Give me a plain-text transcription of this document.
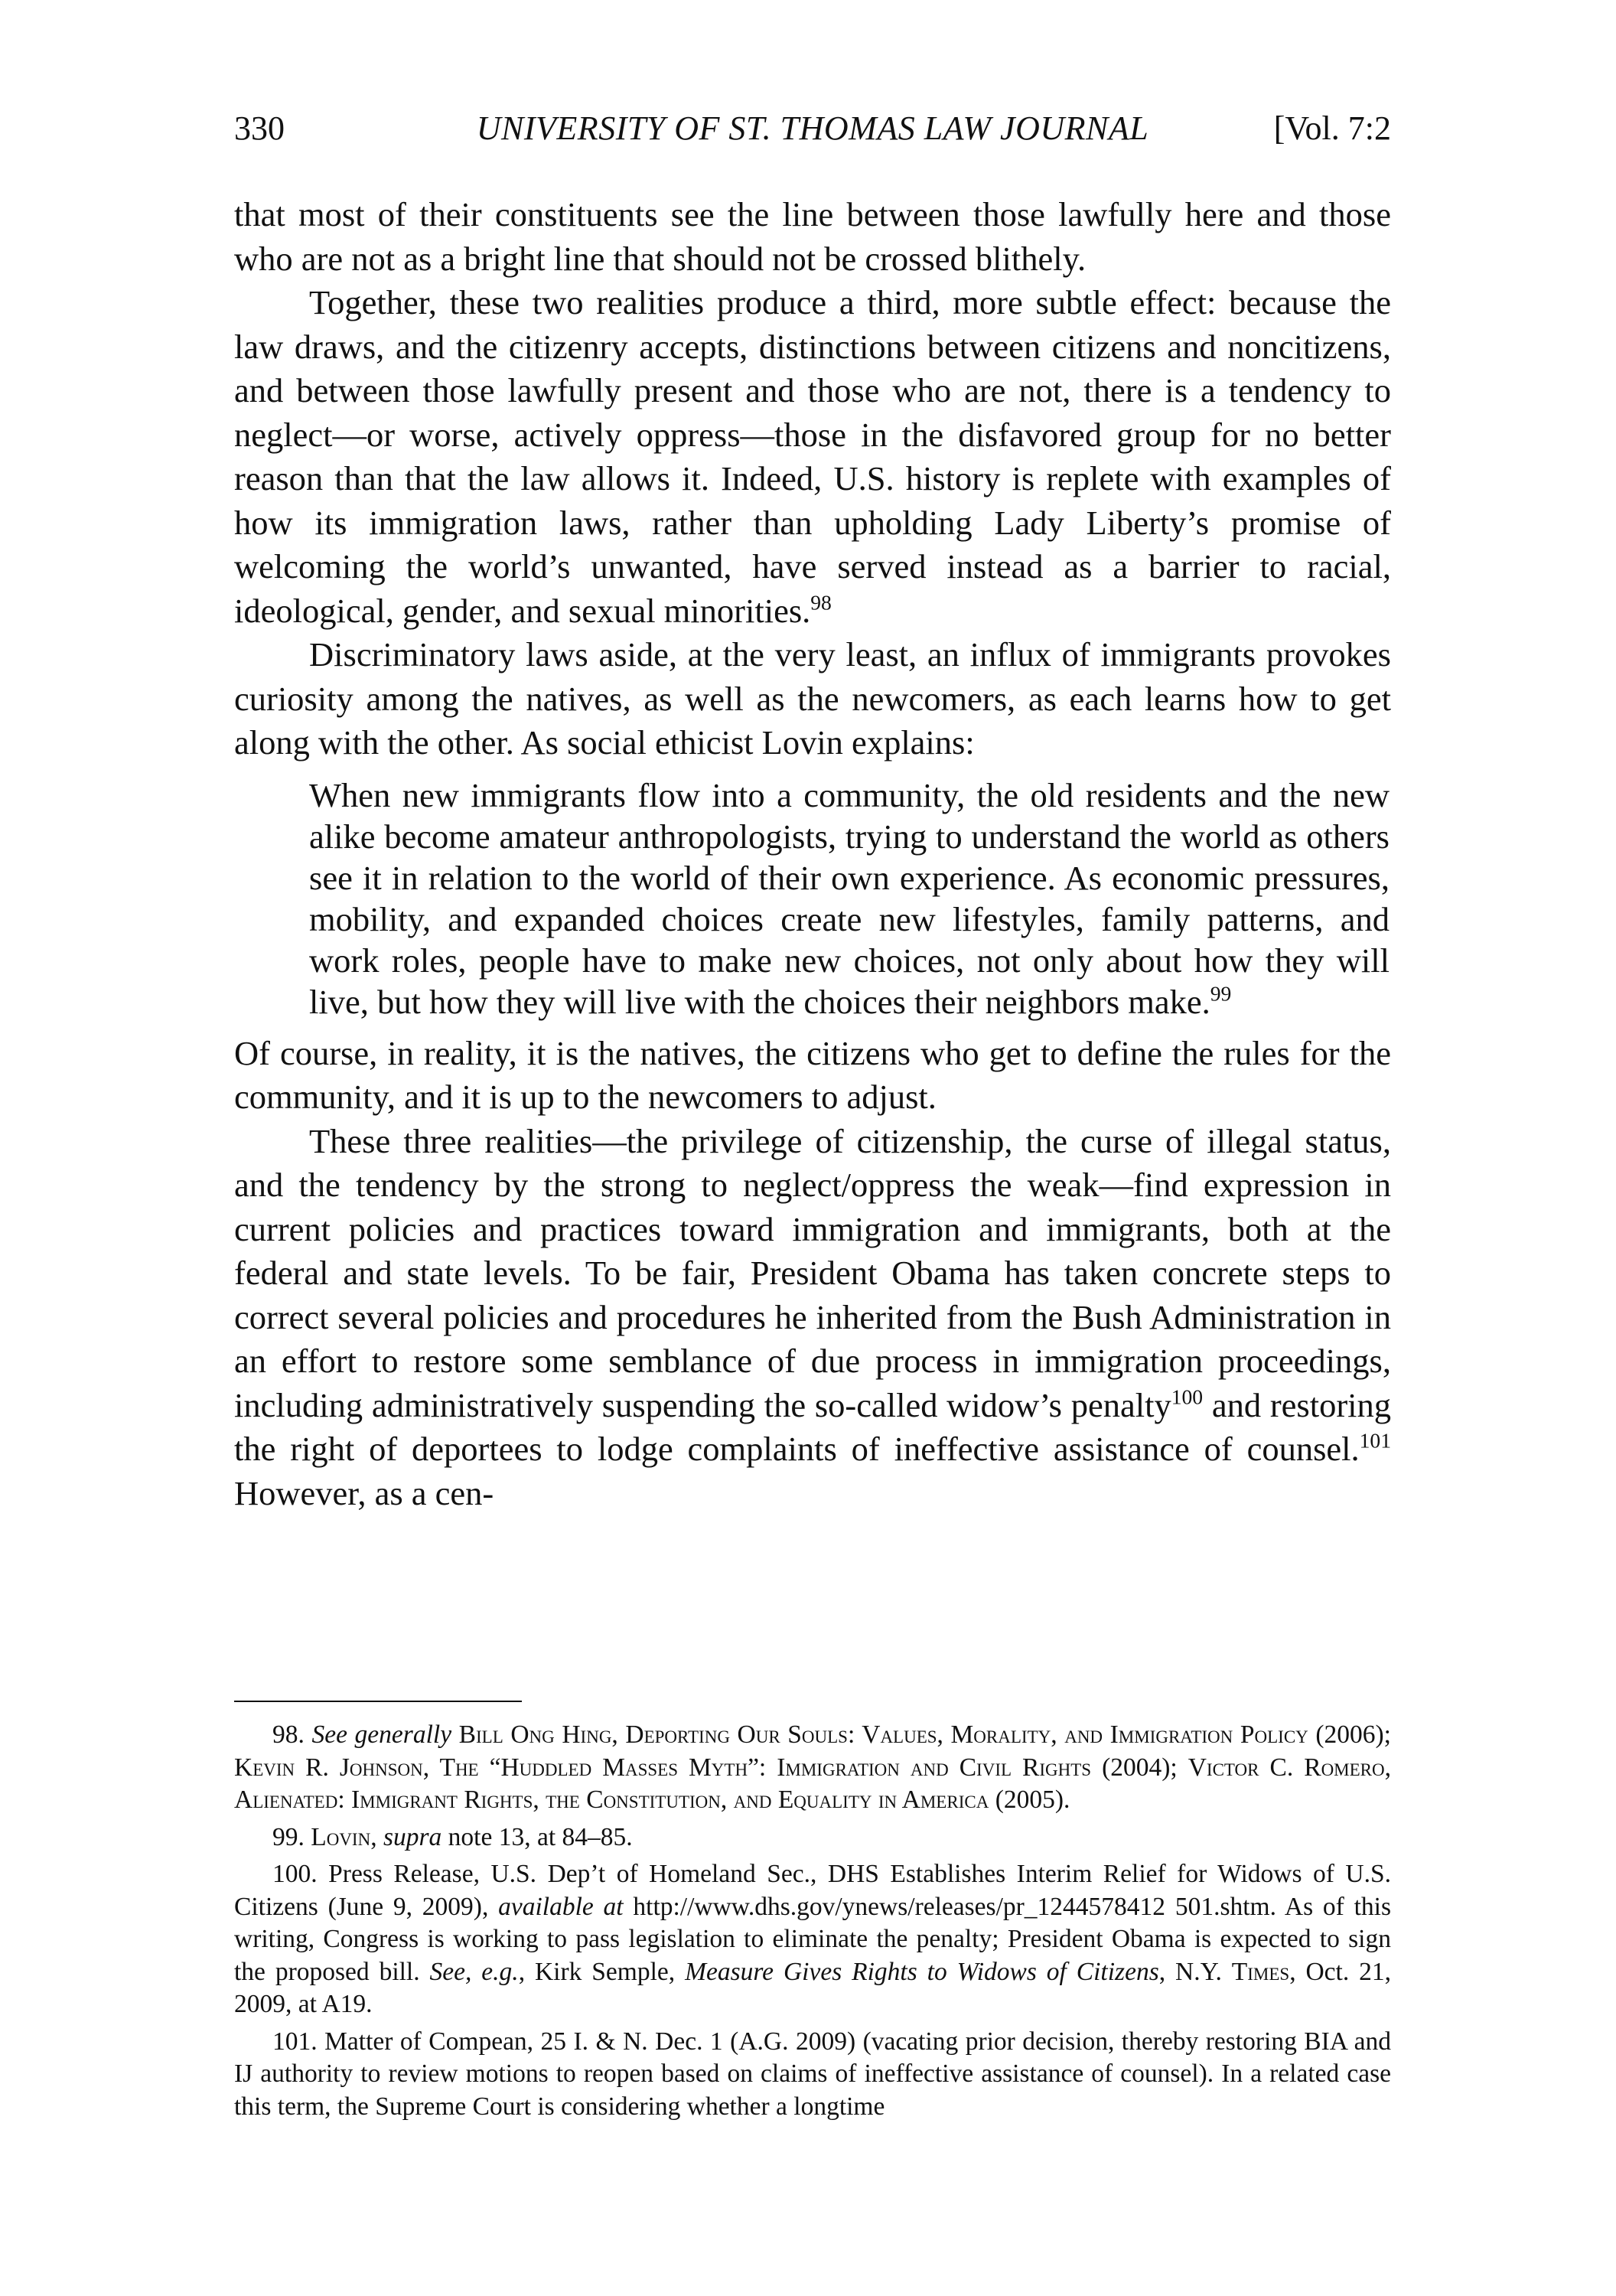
330	UNIVERSITY OF ST. THOMAS LAW JOURNAL	[Vol. 7:2

that most of their constituents see the line between those lawfully here and those who are not as a bright line that should not be crossed blithely.

Together, these two realities produce a third, more subtle effect: because the law draws, and the citizenry accepts, distinctions between citizens and noncitizens, and between those lawfully present and those who are not, there is a tendency to neglect—or worse, actively oppress—those in the disfavored group for no better reason than that the law allows it. Indeed, U.S. history is replete with examples of how its immigration laws, rather than upholding Lady Liberty’s promise of welcoming the world’s unwanted, have served instead as a barrier to racial, ideological, gender, and sexual minorities.$^{98}$

Discriminatory laws aside, at the very least, an influx of immigrants provokes curiosity among the natives, as well as the newcomers, as each learns how to get along with the other. As social ethicist Lovin explains:

When new immigrants flow into a community, the old residents and the new alike become amateur anthropologists, trying to understand the world as others see it in relation to the world of their own experience. As economic pressures, mobility, and expanded choices create new lifestyles, family patterns, and work roles, people have to make new choices, not only about how they will live, but how they will live with the choices their neighbors make.$^{99}$

Of course, in reality, it is the natives, the citizens who get to define the rules for the community, and it is up to the newcomers to adjust.

These three realities—the privilege of citizenship, the curse of illegal status, and the tendency by the strong to neglect/oppress the weak—find expression in current policies and practices toward immigration and immigrants, both at the federal and state levels. To be fair, President Obama has taken concrete steps to correct several policies and procedures he inherited from the Bush Administration in an effort to restore some semblance of due process in immigration proceedings, including administratively suspending the so-called widow’s penalty$^{100}$ and restoring the right of deportees to lodge complaints of ineffective assistance of counsel.$^{101}$ However, as a cen-

98. See generally Bill Ong Hing, Deporting Our Souls: Values, Morality, and Immigration Policy (2006); Kevin R. Johnson, The “Huddled Masses Myth”: Immigration and Civil Rights (2004); Victor C. Romero, Alienated: Immigrant Rights, the Constitution, and Equality in America (2005).

99. Lovin, supra note 13, at 84–85.

100. Press Release, U.S. Dep’t of Homeland Sec., DHS Establishes Interim Relief for Widows of U.S. Citizens (June 9, 2009), available at http://www.dhs.gov/ynews/releases/pr_1244578412 501.shtm. As of this writing, Congress is working to pass legislation to eliminate the penalty; President Obama is expected to sign the proposed bill. See, e.g., Kirk Semple, Measure Gives Rights to Widows of Citizens, N.Y. Times, Oct. 21, 2009, at A19.

101. Matter of Compean, 25 I. & N. Dec. 1 (A.G. 2009) (vacating prior decision, thereby restoring BIA and IJ authority to review motions to reopen based on claims of ineffective assistance of counsel). In a related case this term, the Supreme Court is considering whether a longtime
